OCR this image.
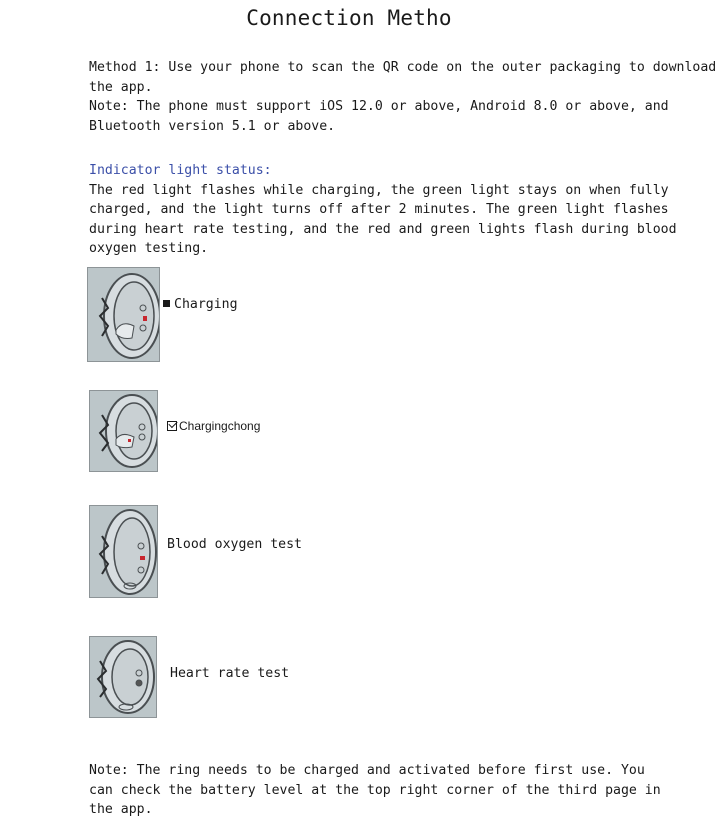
Connection Metho
Method 1: Use your phone to scan the QR code on the outer packaging to download
the app.
Note: The phone must support iOS 12.0 or above, Android 8.0 or above, and
Bluetooth version 5.1 or above.
Indicator light status:
The red light flashes while charging, the green light stays on when fully
charged, and the light turns off after 2 minutes. The green light flashes
during heart rate testing, and the red and green lights flash during blood
oxygen testing.
Charging
Chargingchong
Blood oxygen test
Heart rate test
Note: The ring needs to be charged and activated before first use. You
can check the battery level at the top right corner of the third page in
the app.
